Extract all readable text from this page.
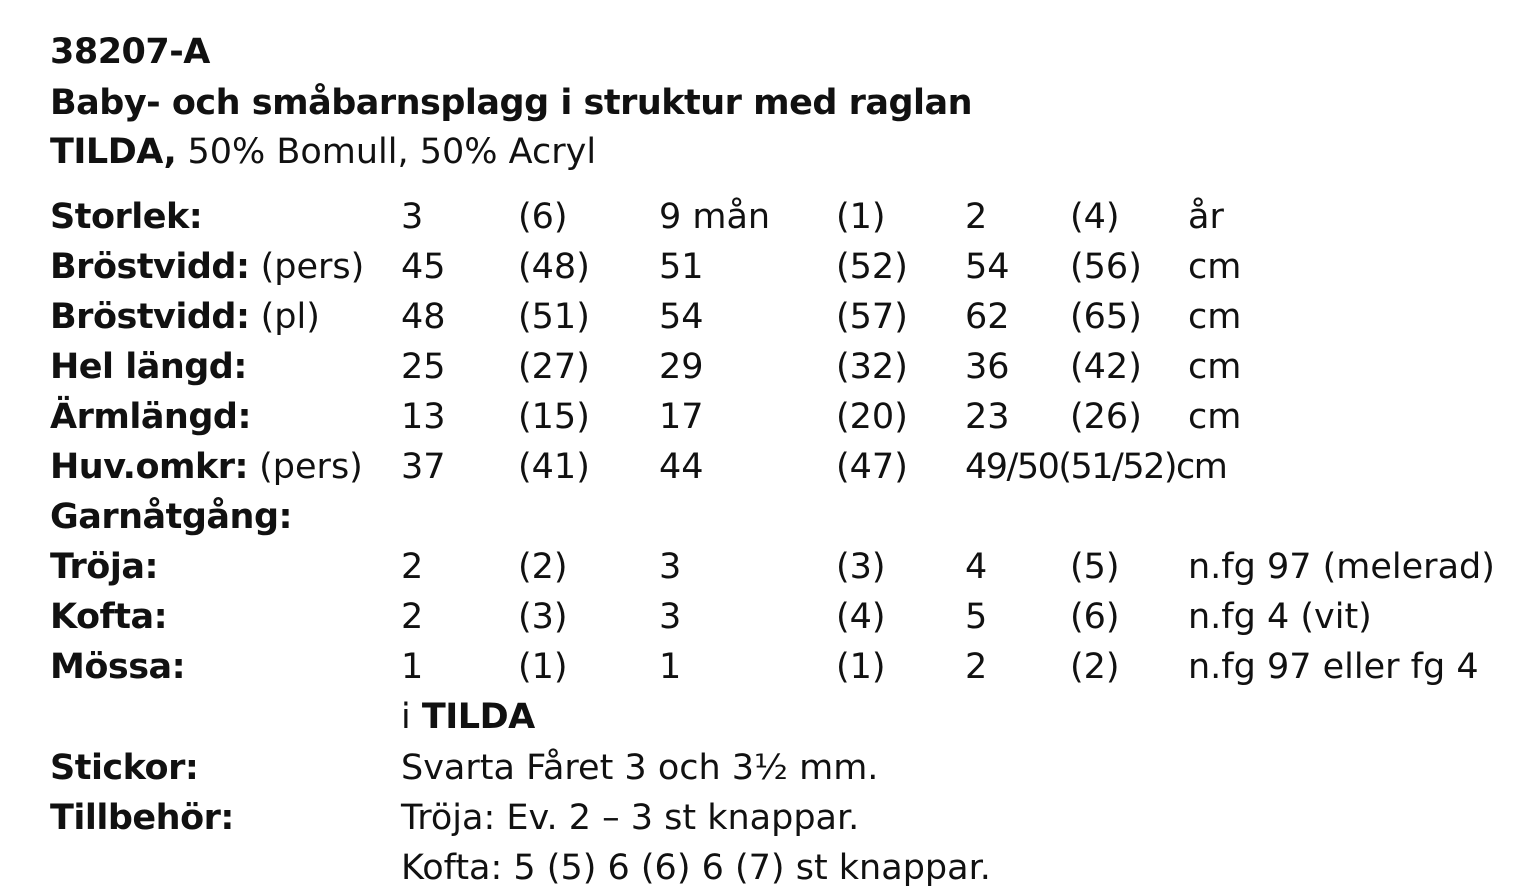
38207-A
Baby- och småbarnsplagg i struktur med raglan
TILDA, 50% Bomull, 50% Acryl
Storlek:	3	(6)	9 mån (1) 2 (4) år
Bröstvidd: (pers) 45 (48) 51	(52) 54 (56) cm
Bröstvidd: (pl) 48 (51) 54	(57) 62 (65) cm
Hel längd:	25 (27) 29	(32) 36 (42) cm
Ärmlängd:	13 (15) 17	(20) 23 (26) cm
Huv.omkr: (pers) 37 (41) 44	(47) 49/50(51/52)cm
Garnåtgång:
Tröja:	2	(2)	3	(3) 4 (5) n.fg 97 (melerad)
Kofta:	2	(3)	3	(4) 5 (6) n.fg 4 (vit)
Mössa:	1	(1)	1	(1) 2 (2) n.fg 97 eller fg 4
i TILDA
Stickor:	Svarta Fåret 3 och 3½ mm.
Tillbehör:	Tröja: Ev. 2 – 3 st knappar.
Kofta: 5 (5) 6 (6) 6 (7) st knappar.
